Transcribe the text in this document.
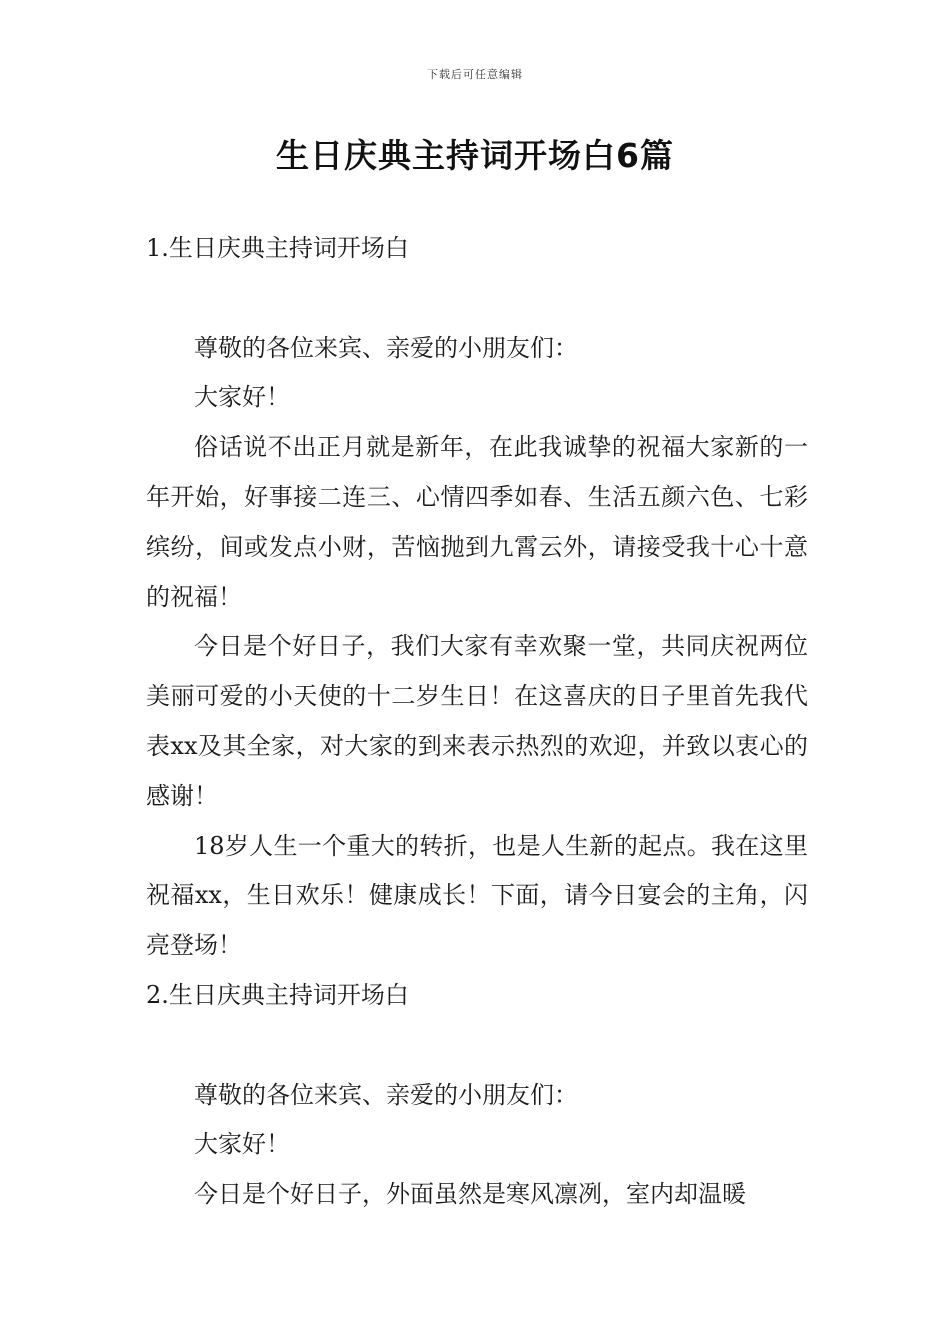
下载后可任意编辑
生日庆典主持词开场白6篇
1.生日庆典主持词开场白

尊敬的各位来宾、亲爱的小朋友们：

大家好！

俗话说不出正月就是新年，在此我诚挚的祝福大家新的一年开始，好事接二连三、心情四季如春、生活五颜六色、七彩缤纷，间或发点小财，苦恼抛到九霄云外，请接受我十心十意的祝福！

今日是个好日子，我们大家有幸欢聚一堂，共同庆祝两位美丽可爱的小天使的十二岁生日！在这喜庆的日子里首先我代表xx及其全家，对大家的到来表示热烈的欢迎，并致以衷心的感谢！

18岁人生一个重大的转折，也是人生新的起点。我在这里祝福xx，生日欢乐！健康成长！下面，请今日宴会的主角，闪亮登场！

2.生日庆典主持词开场白

尊敬的各位来宾、亲爱的小朋友们：

大家好！

今日是个好日子，外面虽然是寒风凛冽，室内却温暖
